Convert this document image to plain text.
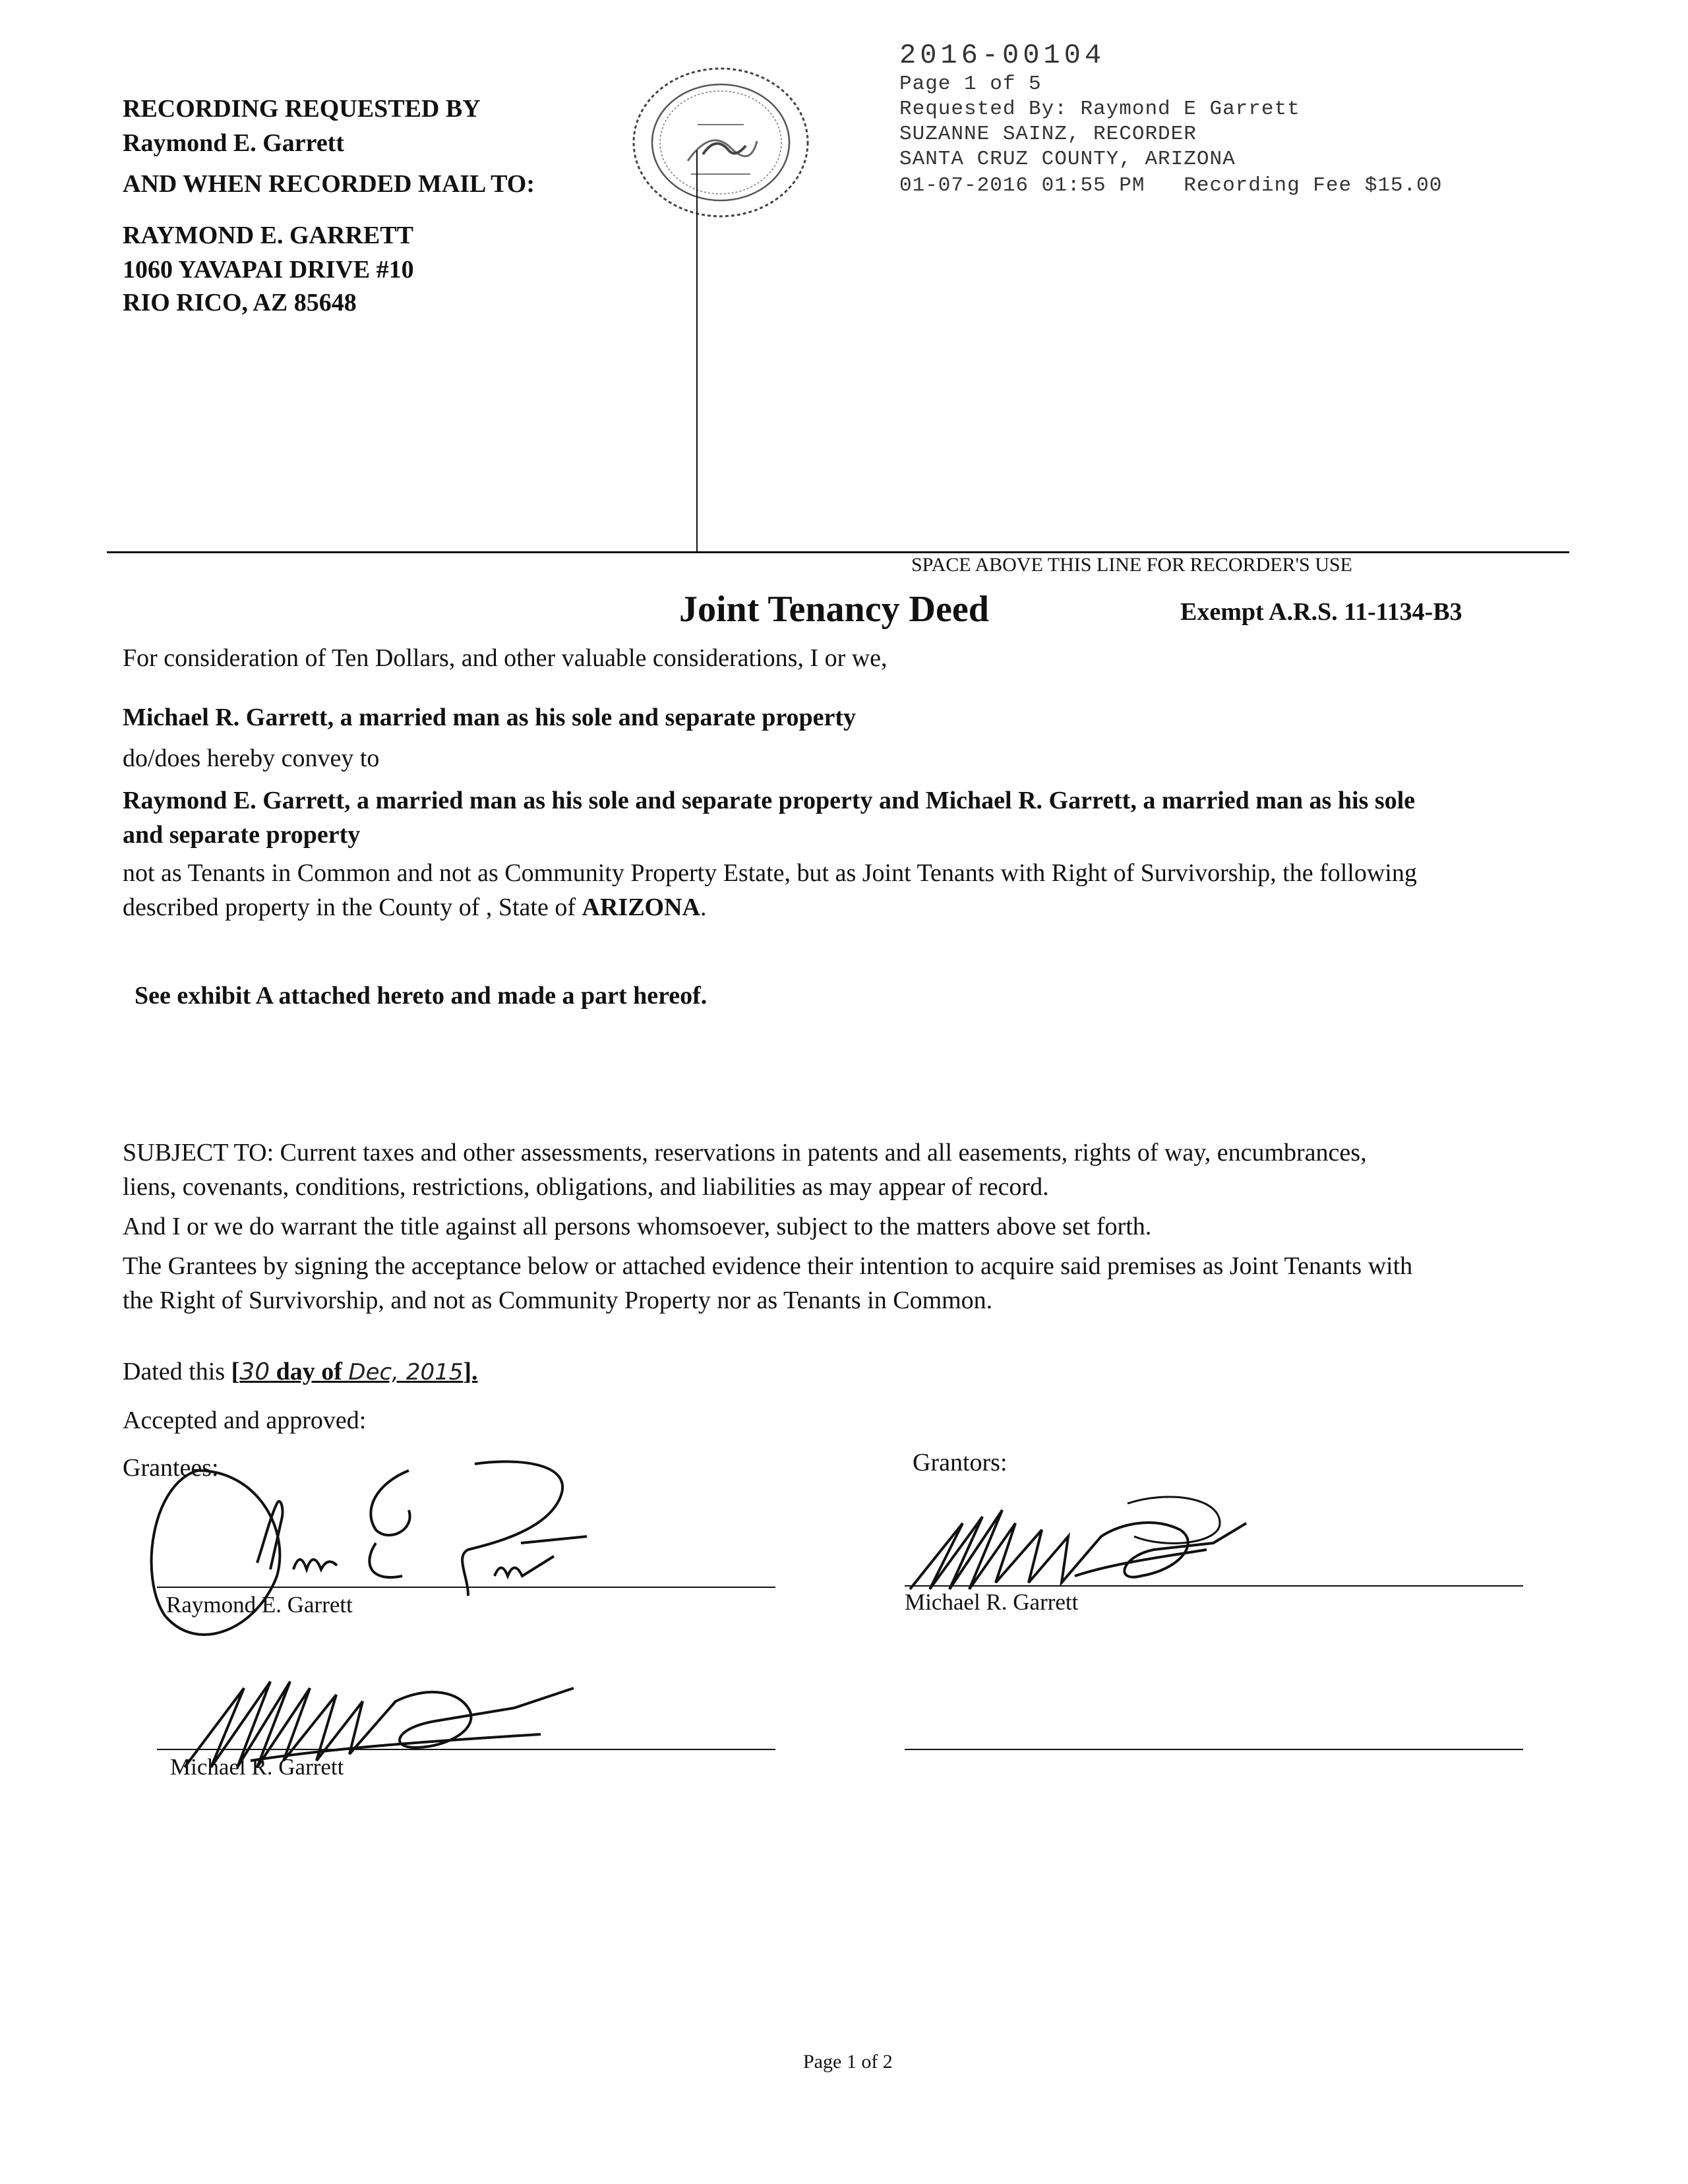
2016-00104
Page 1 of 5
Requested By: Raymond E Garrett
SUZANNE SAINZ, RECORDER
SANTA CRUZ COUNTY, ARIZONA
01-07-2016 01:55 PM Recording Fee $15.00
RECORDING REQUESTED BY
Raymond E. Garrett
AND WHEN RECORDED MAIL TO:
RAYMOND E. GARRETT
1060 YAVAPAI DRIVE #10
RIO RICO, AZ 85648
SPACE ABOVE THIS LINE FOR RECORDER'S USE
Joint Tenancy Deed	Exempt A.R.S. 11-1134-B3
For consideration of Ten Dollars, and other valuable considerations, I or we,
Michael R. Garrett, a married man as his sole and separate property
do/does hereby convey to
Raymond E. Garrett, a married man as his sole and separate property and Michael R. Garrett, a married man as his sole
and separate property
not as Tenants in Common and not as Community Property Estate, but as Joint Tenants with Right of Survivorship, the following
described property in the County of , State of ARIZONA.
See exhibit A attached hereto and made a part hereof.
SUBJECT TO: Current taxes and other assessments, reservations in patents and all easements, rights of way, encumbrances,
liens, covenants, conditions, restrictions, obligations, and liabilities as may appear of record.
And I or we do warrant the title against all persons whomsoever, subject to the matters above set forth.
The Grantees by signing the acceptance below or attached evidence their intention to acquire said premises as Joint Tenants with
the Right of Survivorship, and not as Community Property nor as Tenants in Common.
Dated this [30 day of Dec, 2015].
Accepted and approved:
Grantees:	Grantors:
Raymond E. Garrett	Michael R. Garrett
Michael R. Garrett
Page 1 of 2
